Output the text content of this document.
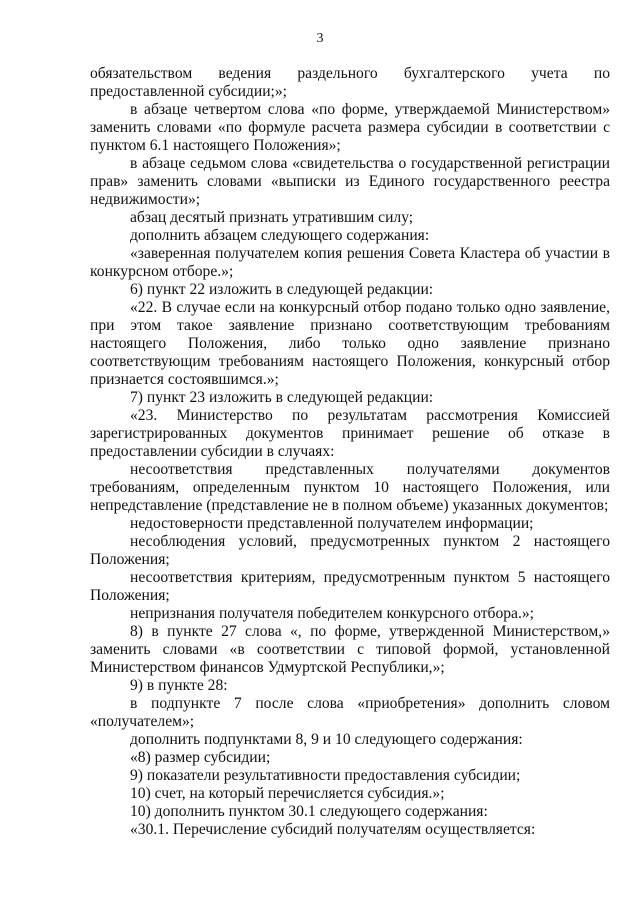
3

обязательством ведения раздельного бухгалтерского учета по предоставленной субсидии;»;

в абзаце четвертом слова «по форме, утверждаемой Министерством» заменить словами «по формуле расчета размера субсидии в соответствии с пунктом 6.1 настоящего Положения»;

в абзаце седьмом слова «свидетельства о государственной регистрации прав» заменить словами «выписки из Единого государственного реестра недвижимости»;

абзац десятый признать утратившим силу;

дополнить абзацем следующего содержания:

«заверенная получателем копия решения Совета Кластера об участии в конкурсном отборе.»;

6) пункт 22 изложить в следующей редакции:

«22. В случае если на конкурсный отбор подано только одно заявление, при этом такое заявление признано соответствующим требованиям настоящего Положения, либо только одно заявление признано соответствующим требованиям настоящего Положения, конкурсный отбор признается состоявшимся.»;

7) пункт 23 изложить в следующей редакции:

«23. Министерство по результатам рассмотрения Комиссией зарегистрированных документов принимает решение об отказе в предоставлении субсидии в случаях:

несоответствия представленных получателями документов требованиям, определенным пунктом 10 настоящего Положения, или непредставление (представление не в полном объеме) указанных документов;

недостоверности представленной получателем информации;

несоблюдения условий, предусмотренных пунктом 2 настоящего Положения;

несоответствия критериям, предусмотренным пунктом 5 настоящего Положения;

непризнания получателя победителем конкурсного отбора.»;

8) в пункте 27 слова «, по форме, утвержденной Министерством,» заменить словами «в соответствии с типовой формой, установленной Министерством финансов Удмуртской Республики,»;

9) в пункте 28:

в подпункте 7 после слова «приобретения» дополнить словом «получателем»;

дополнить подпунктами 8, 9 и 10 следующего содержания:

«8) размер субсидии;

9) показатели результативности предоставления субсидии;

10) счет, на который перечисляется субсидия.»;

10) дополнить пунктом 30.1 следующего содержания:

«30.1. Перечисление субсидий получателям осуществляется:
